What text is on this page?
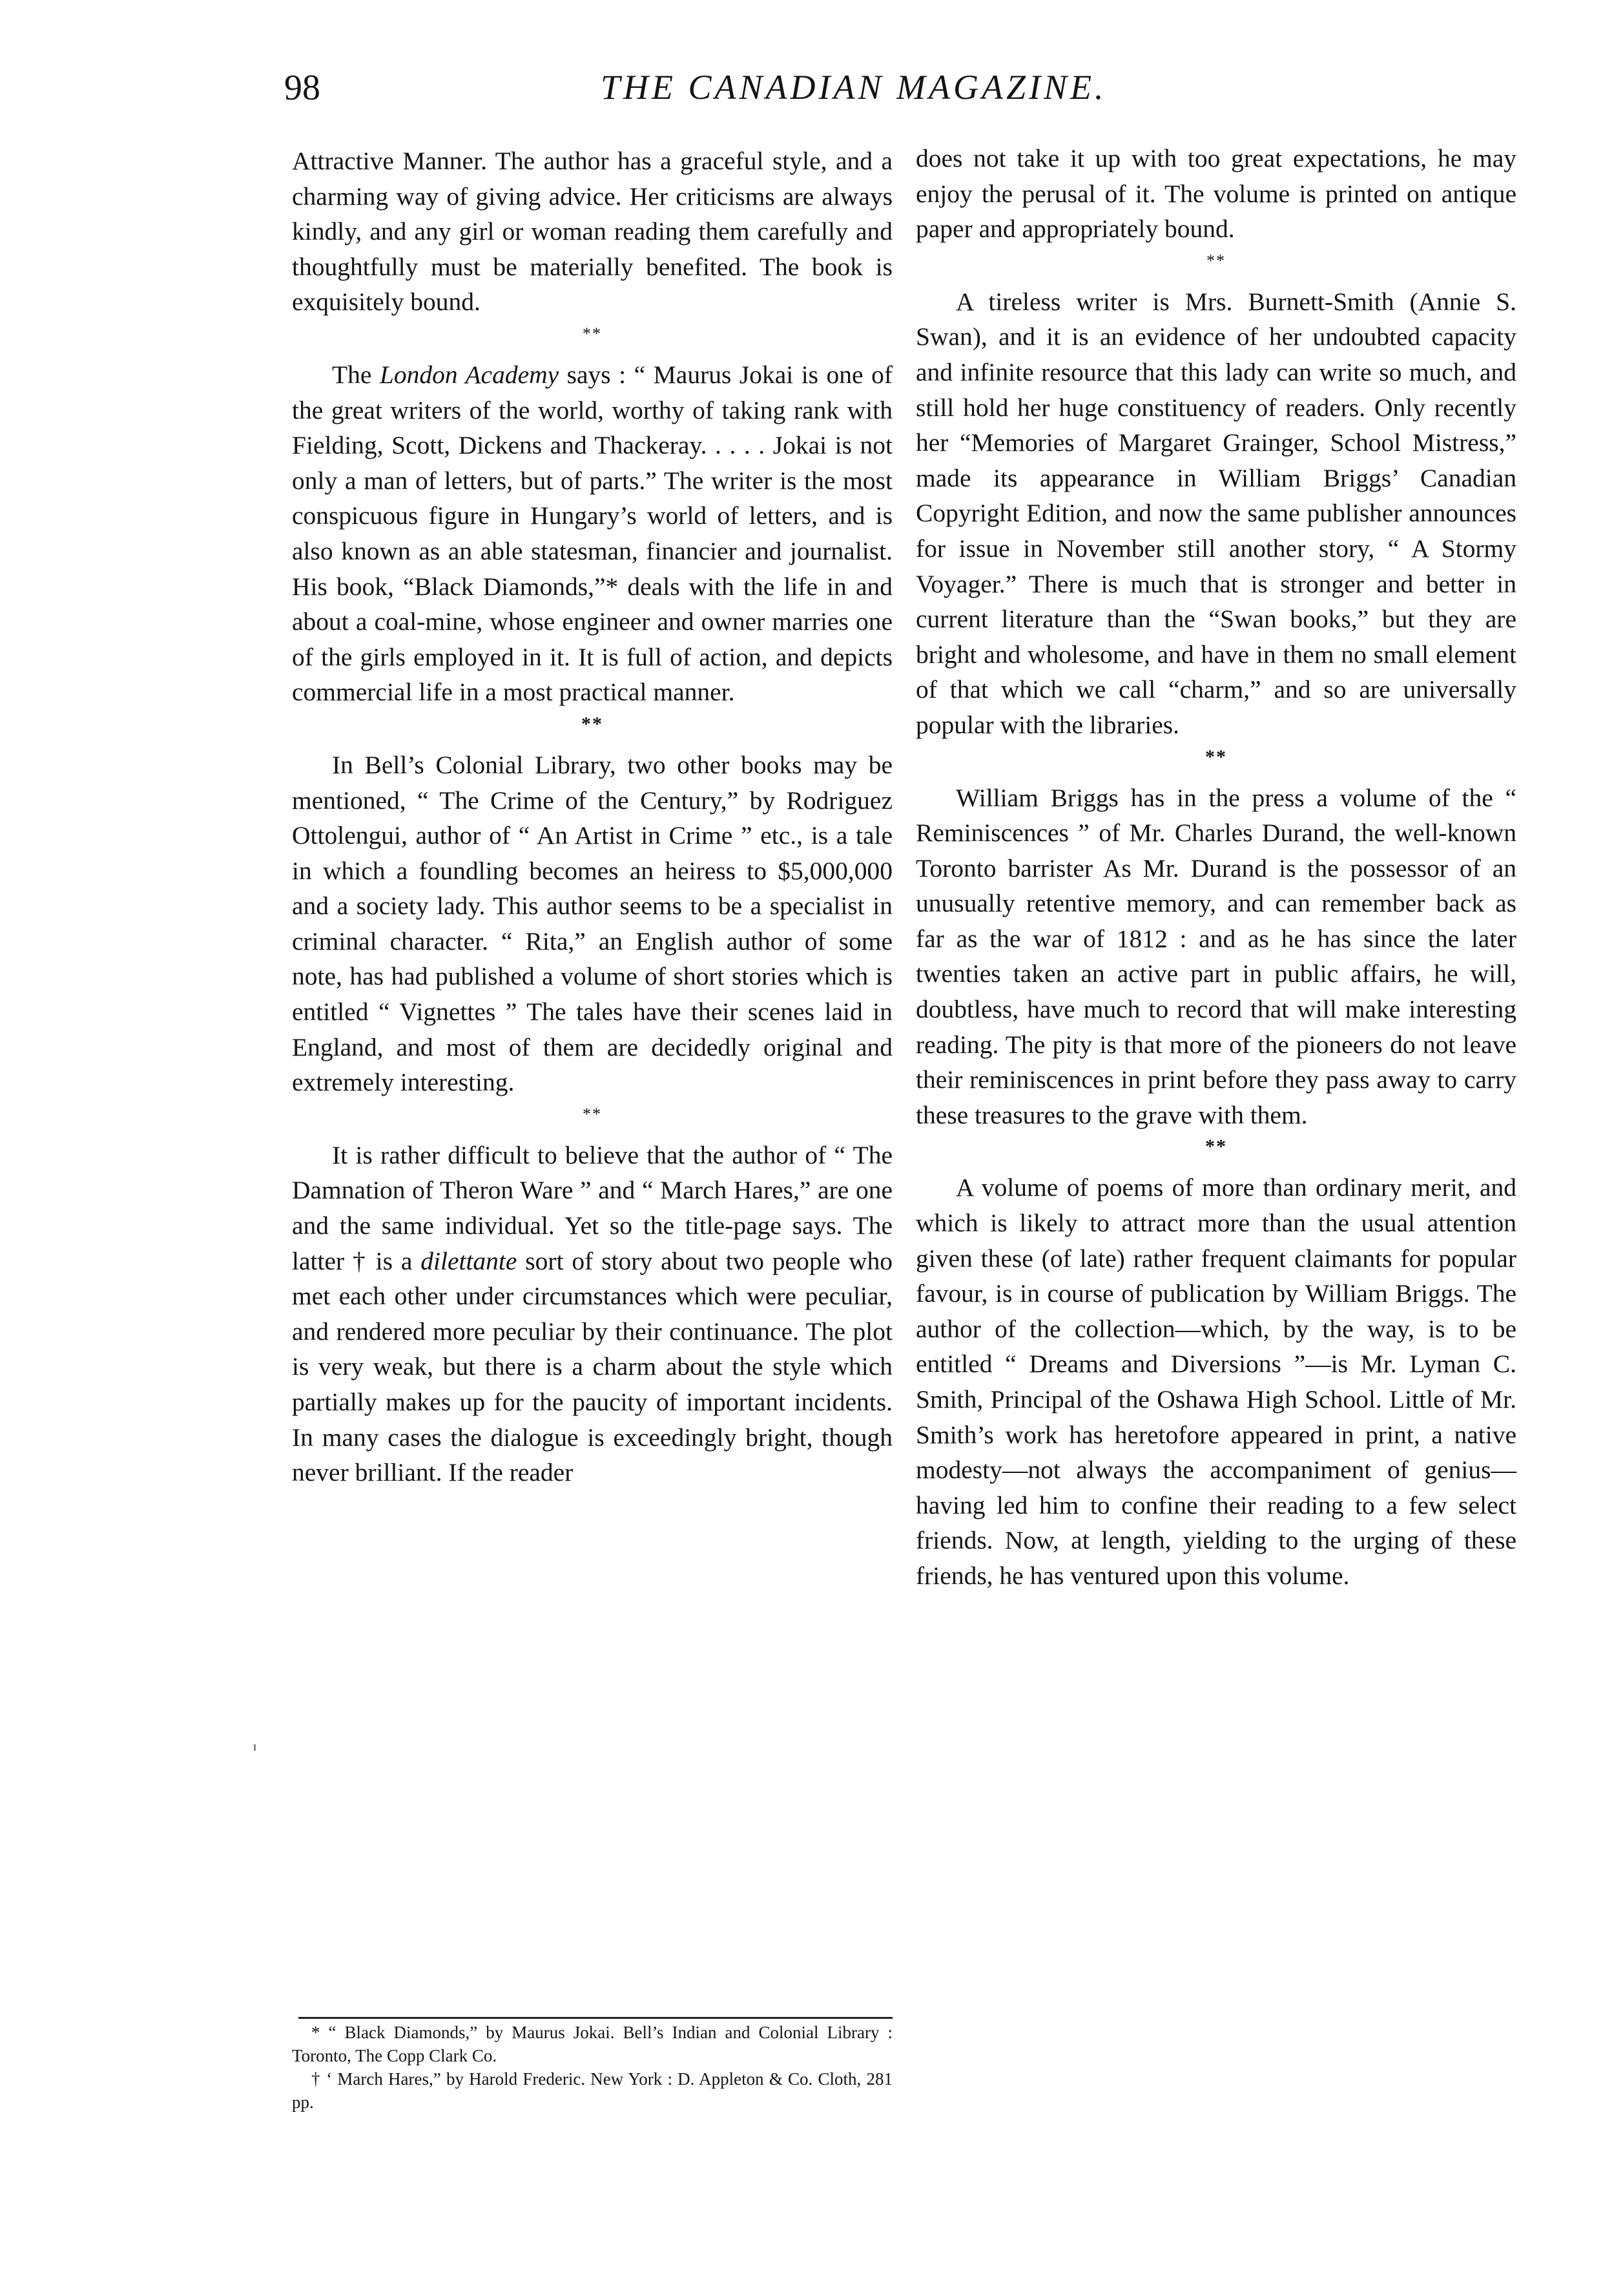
98	THE CANADIAN MAGAZINE.

Attractive Manner. The author has a graceful style, and a charming way of giving advice. Her criticisms are always kindly, and any girl or woman reading them carefully and thoughtfully must be materially benefited. The book is exquisitely bound.

**

The London Academy says : “ Maurus Jokai is one of the great writers of the world, worthy of taking rank with Fielding, Scott, Dickens and Thackeray. . . . . Jokai is not only a man of letters, but of parts.” The writer is the most conspicuous figure in Hungary’s world of letters, and is also known as an able statesman, financier and journalist. His book, “Black Diamonds,”* deals with the life in and about a coal-mine, whose engineer and owner marries one of the girls employed in it. It is full of action, and depicts commercial life in a most practical manner.

**

In Bell’s Colonial Library, two other books may be mentioned, “ The Crime of the Century,” by Rodriguez Ottolengui, author of “ An Artist in Crime ” etc., is a tale in which a foundling becomes an heiress to $5,000,000 and a society lady. This author seems to be a specialist in criminal character. “ Rita,” an English author of some note, has had published a volume of short stories which is entitled “ Vignettes ” The tales have their scenes laid in England, and most of them are decidedly original and extremely interesting.

**

It is rather difficult to believe that the author of “ The Damnation of Theron Ware ” and “ March Hares,” are one and the same individual. Yet so the title-page says. The latter † is a dilettante sort of story about two people who met each other under circumstances which were peculiar, and rendered more peculiar by their continuance. The plot is very weak, but there is a charm about the style which partially makes up for the paucity of important incidents. In many cases the dialogue is exceedingly bright, though never brilliant. If the reader

does not take it up with too great expectations, he may enjoy the perusal of it. The volume is printed on antique paper and appropriately bound.

**

A tireless writer is Mrs. Burnett-Smith (Annie S. Swan), and it is an evidence of her undoubted capacity and infinite resource that this lady can write so much, and still hold her huge constituency of readers. Only recently her “Memories of Margaret Grainger, School Mistress,” made its appearance in William Briggs’ Canadian Copyright Edition, and now the same publisher announces for issue in November still another story, “ A Stormy Voyager.” There is much that is stronger and better in current literature than the “Swan books,” but they are bright and wholesome, and have in them no small element of that which we call “charm,” and so are universally popular with the libraries.

**

William Briggs has in the press a volume of the “ Reminiscences ” of Mr. Charles Durand, the well-known Toronto barrister As Mr. Durand is the possessor of an unusually retentive memory, and can remember back as far as the war of 1812 : and as he has since the later twenties taken an active part in public affairs, he will, doubtless, have much to record that will make interesting reading. The pity is that more of the pioneers do not leave their reminiscences in print before they pass away to carry these treasures to the grave with them.

**

A volume of poems of more than ordinary merit, and which is likely to attract more than the usual attention given these (of late) rather frequent claimants for popular favour, is in course of publication by William Briggs. The author of the collection—which, by the way, is to be entitled “ Dreams and Diversions ”—is Mr. Lyman C. Smith, Principal of the Oshawa High School. Little of Mr. Smith’s work has heretofore appeared in print, a native modesty—not always the accompaniment of genius—having led him to confine their reading to a few select friends. Now, at length, yielding to the urging of these friends, he has ventured upon this volume.

* “ Black Diamonds,” by Maurus Jokai. Bell’s Indian and Colonial Library : Toronto, The Copp Clark Co.

† ‘ March Hares,” by Harold Frederic. New York : D. Appleton & Co. Cloth, 281 pp.
